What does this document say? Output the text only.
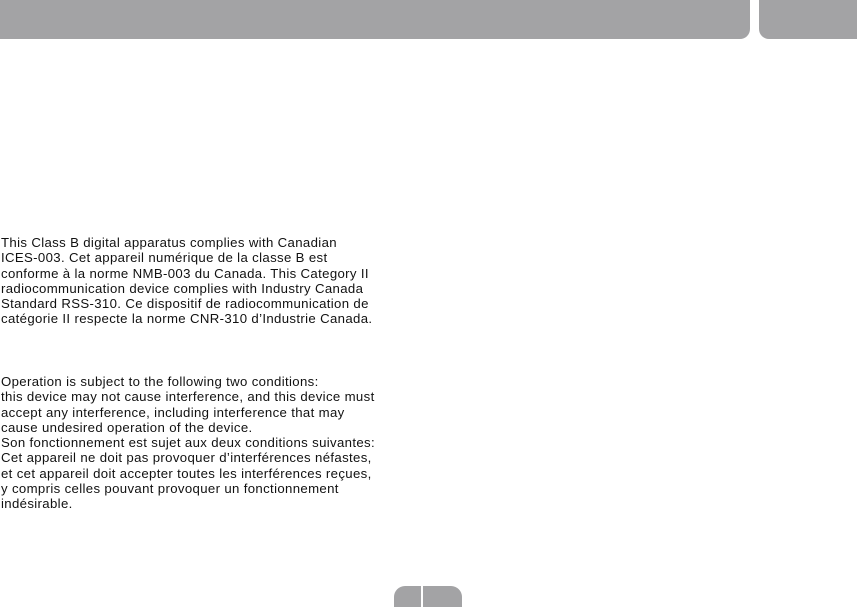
This Class B digital apparatus complies with Canadian
ICES-003. Cet appareil numérique de la classe B est
conforme à la norme NMB-003 du Canada. This Category II
radiocommunication device complies with Industry Canada
Standard RSS-310. Ce dispositif de radiocommunication de
catégorie II respecte la norme CNR-310 d’Industrie Canada.
Operation is subject to the following two conditions:
this device may not cause interference, and this device must
accept any interference, including interference that may
cause undesired operation of the device.
Son fonctionnement est sujet aux deux conditions suivantes:
Cet appareil ne doit pas provoquer d’interférences néfastes,
et cet appareil doit accepter toutes les interférences reçues,
y compris celles pouvant provoquer un fonctionnement
indésirable.
